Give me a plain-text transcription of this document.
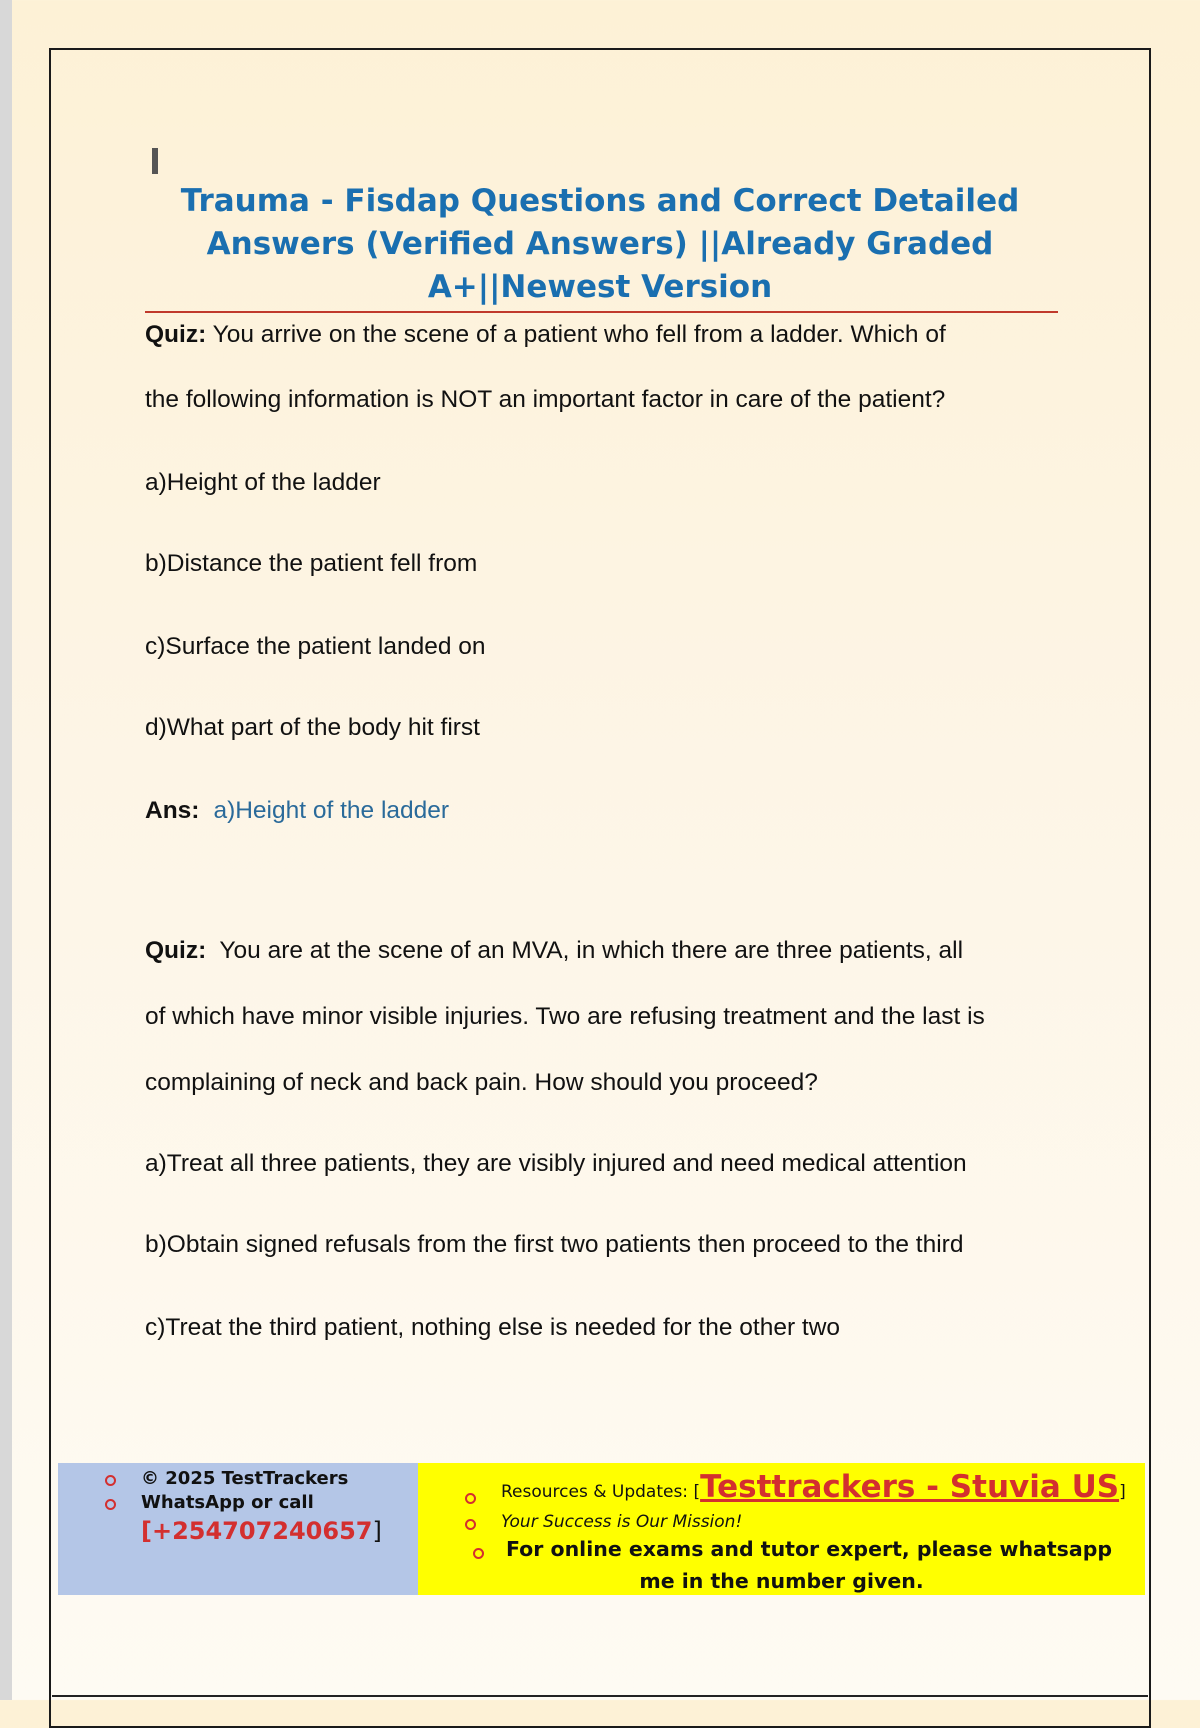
Trauma - Fisdap Questions and Correct Detailed Answers (Verified Answers) ||Already Graded A+||Newest Version

Quiz: You arrive on the scene of a patient who fell from a ladder. Which of

the following information is NOT an important factor in care of the patient?

a)Height of the ladder

b)Distance the patient fell from

c)Surface the patient landed on

d)What part of the body hit first

Ans: a)Height of the ladder

Quiz: You are at the scene of an MVA, in which there are three patients, all

of which have minor visible injuries. Two are refusing treatment and the last is

complaining of neck and back pain. How should you proceed?

a)Treat all three patients, they are visibly injured and need medical attention

b)Obtain signed refusals from the first two patients then proceed to the third

c)Treat the third patient, nothing else is needed for the other two

© 2025 TestTrackers
WhatsApp or call
[+254707240657]
Resources & Updates: [Testtrackers - Stuvia US]
Your Success is Our Mission!
For online exams and tutor expert, please whatsapp
me in the number given.
